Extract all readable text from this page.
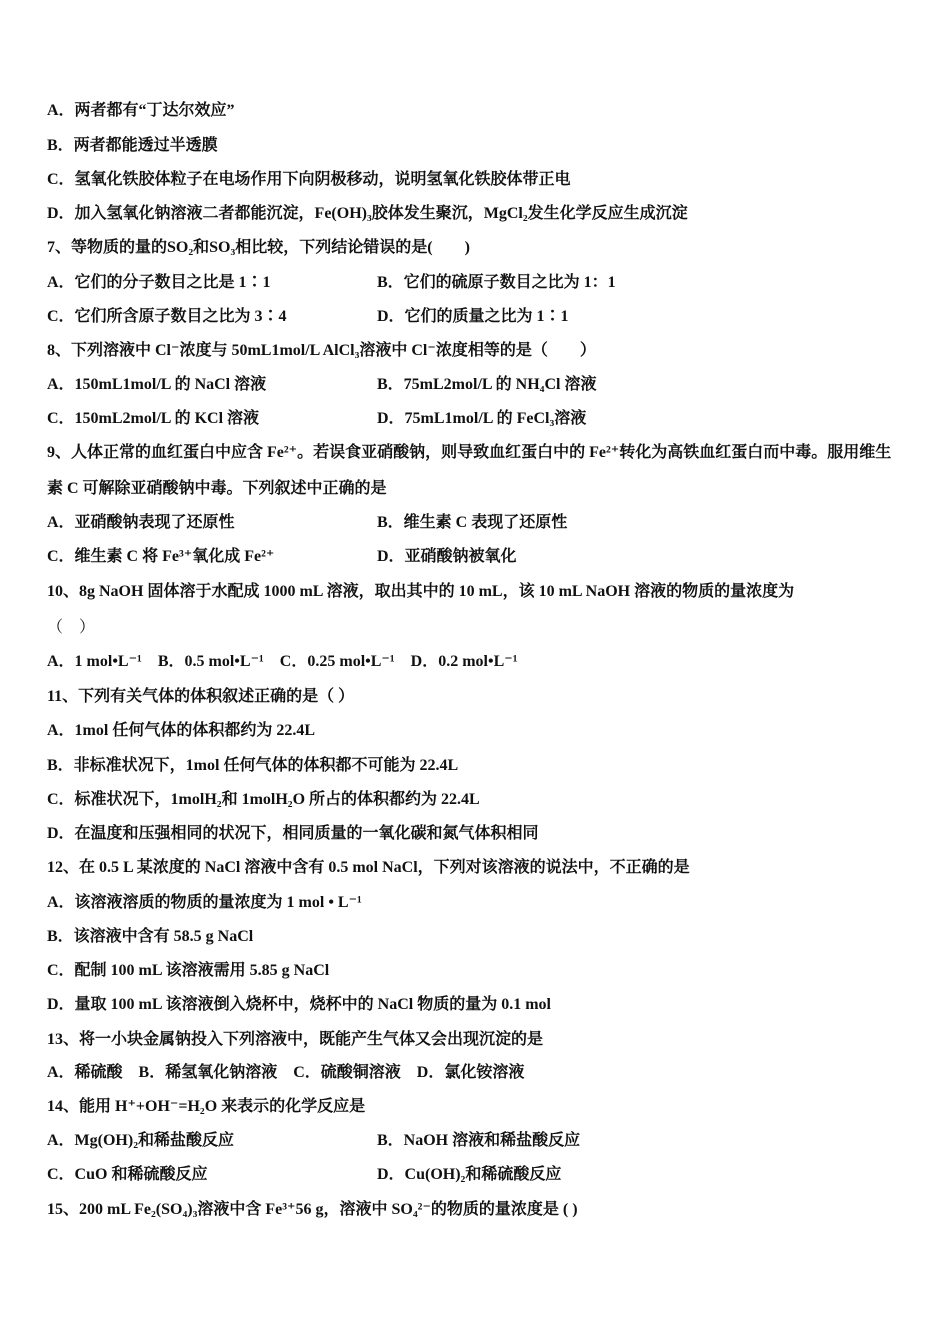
A．两者都有“丁达尔效应”
B．两者都能透过半透膜
C．氢氧化铁胶体粒子在电场作用下向阴极移动，说明氢氧化铁胶体带正电
D．加入氢氧化钠溶液二者都能沉淀，Fe(OH)₃胶体发生聚沉，MgCl₂发生化学反应生成沉淀
7、等物质的量的SO₂和SO₃相比较，下列结论错误的是(　　)
A．它们的分子数目之比是 1∶1	B．它们的硫原子数目之比为 1：1
C．它们所含原子数目之比为 3∶4	D．它们的质量之比为 1∶1
8、下列溶液中 Cl⁻浓度与 50mL1mol/L AlCl₃溶液中 Cl⁻浓度相等的是（　　）
A．150mL1mol/L 的 NaCl 溶液	B．75mL2mol/L 的 NH₄Cl 溶液
C．150mL2mol/L 的 KCl 溶液	D．75mL1mol/L 的 FeCl₃溶液
9、人体正常的血红蛋白中应含 Fe²⁺。若误食亚硝酸钠，则导致血红蛋白中的 Fe²⁺转化为高铁血红蛋白而中毒。服用维生
素 C 可解除亚硝酸钠中毒。下列叙述中正确的是
A．亚硝酸钠表现了还原性	B．维生素 C 表现了还原性
C．维生素 C 将 Fe³⁺氧化成 Fe²⁺	D．亚硝酸钠被氧化
10、8g NaOH 固体溶于水配成 1000 mL 溶液，取出其中的 10 mL，该 10 mL NaOH 溶液的物质的量浓度为
（　）
A．1 mol•L⁻¹　B．0.5 mol•L⁻¹　C．0.25 mol•L⁻¹　D．0.2 mol•L⁻¹
11、下列有关气体的体积叙述正确的是（ ）
A．1mol 任何气体的体积都约为 22.4L
B．非标准状况下，1mol 任何气体的体积都不可能为 22.4L
C．标准状况下，1molH₂和 1molH₂O 所占的体积都约为 22.4L
D．在温度和压强相同的状况下，相同质量的一氧化碳和氮气体积相同
12、在 0.5 L 某浓度的 NaCl 溶液中含有 0.5 mol NaCl，下列对该溶液的说法中，不正确的是
A．该溶液溶质的物质的量浓度为 1 mol • L⁻¹
B．该溶液中含有 58.5 g NaCl
C．配制 100 mL 该溶液需用 5.85 g NaCl
D．量取 100 mL 该溶液倒入烧杯中，烧杯中的 NaCl 物质的量为 0.1 mol
13、将一小块金属钠投入下列溶液中，既能产生气体又会出现沉淀的是
A．稀硫酸　B．稀氢氧化钠溶液　C．硫酸铜溶液　D．氯化铵溶液
14、能用 H⁺+OH⁻=H₂O 来表示的化学反应是
A．Mg(OH)₂和稀盐酸反应	B．NaOH 溶液和稀盐酸反应
C．CuO 和稀硫酸反应	D．Cu(OH)₂和稀硫酸反应
15、200 mL Fe₂(SO₄)₃溶液中含 Fe³⁺56 g，溶液中 SO₄²⁻的物质的量浓度是 ( )
